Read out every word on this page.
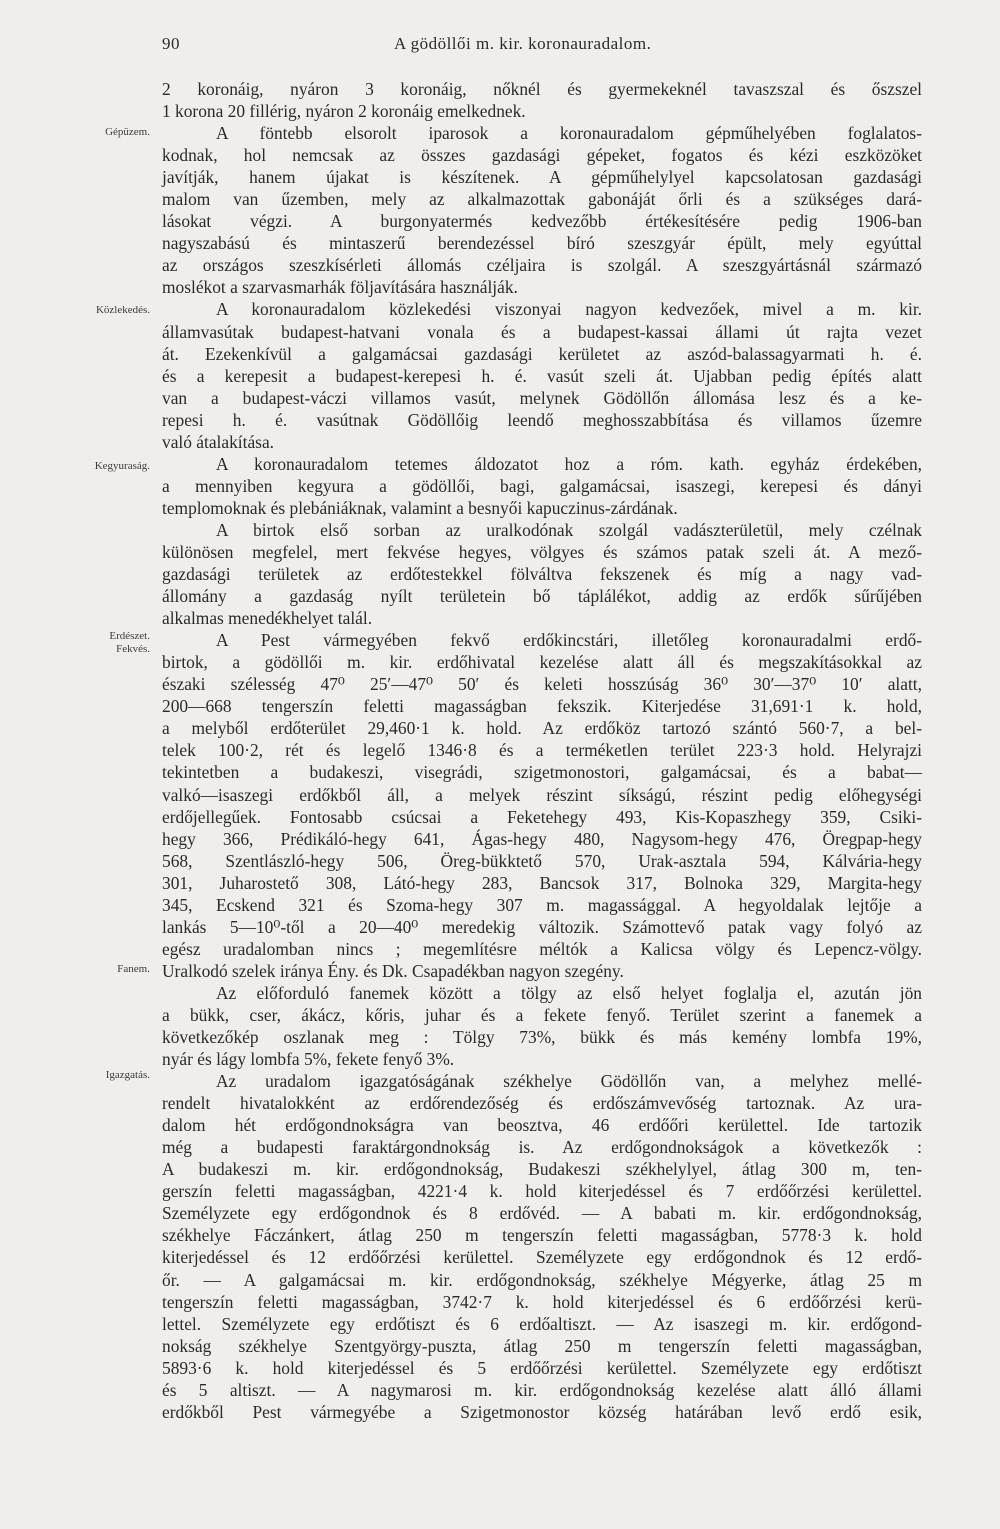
90	A gödöllői m. kir. koronauradalom.
Gépüzem.
Közlekedés.
Kegyuraság.
Erdészet.
Fekvés.
Fanem.
Igazgatás.
2 koronáig, nyáron 3 koronáig, nőknél és gyermekeknél tavaszszal és őszszel
1 korona 20 fillérig, nyáron 2 koronáig emelkednek.
A föntebb elsorolt iparosok a koronauradalom gépműhelyében foglalatos-
kodnak, hol nemcsak az összes gazdasági gépeket, fogatos és kézi eszközöket
javítják, hanem újakat is készítenek. A gépműhelylyel kapcsolatosan gazdasági
malom van űzemben, mely az alkalmazottak gabonáját őrli és a szükséges dará-
lásokat végzi. A burgonyatermés kedvezőbb értékesítésére pedig 1906-ban
nagyszabású és mintaszerű berendezéssel bíró szeszgyár épült, mely egyúttal
az országos szeszkísérleti állomás czéljaira is szolgál. A szeszgyártásnál származó
moslékot a szarvasmarhák följavítására használják.
A koronauradalom közlekedési viszonyai nagyon kedvezőek, mivel a m. kir.
államvasútak budapest-hatvani vonala és a budapest-kassai állami út rajta vezet
át. Ezekenkívül a galgamácsai gazdasági kerületet az aszód-balassagyarmati h. é.
és a kerepesit a budapest-kerepesi h. é. vasút szeli át. Ujabban pedig építés alatt
van a budapest-váczi villamos vasút, melynek Gödöllőn állomása lesz és a ke-
repesi h. é. vasútnak Gödöllőig leendő meghosszabbítása és villamos űzemre
való átalakítása.
A koronauradalom tetemes áldozatot hoz a róm. kath. egyház érdekében,
a mennyiben kegyura a gödöllői, bagi, galgamácsai, isaszegi, kerepesi és dányi
templomoknak és plebániáknak, valamint a besnyői kapuczinus-zárdának.
A birtok első sorban az uralkodónak szolgál vadászterületül, mely czélnak
különösen megfelel, mert fekvése hegyes, völgyes és számos patak szeli át. A mező-
gazdasági területek az erdőtestekkel fölváltva fekszenek és míg a nagy vad-
állomány a gazdaság nyílt területein bő táplálékot, addig az erdők sűrűjében
alkalmas menedékhelyet talál.
A Pest vármegyében fekvő erdőkincstári, illetőleg koronauradalmi erdő-
birtok, a gödöllői m. kir. erdőhivatal kezelése alatt áll és megszakításokkal az
északi szélesség 47⁰ 25′—47⁰ 50′ és keleti hosszúság 36⁰ 30′—37⁰ 10′ alatt,
200—668 tengerszín feletti magasságban fekszik. Kiterjedése 31,691·1 k. hold,
a melyből erdőterület 29,460·1 k. hold. Az erdőköz tartozó szántó 560·7, a bel-
telek 100·2, rét és legelő 1346·8 és a terméketlen terület 223·3 hold. Helyrajzi
tekintetben a budakeszi, visegrádi, szigetmonostori, galgamácsai, és a babat—
valkó—isaszegi erdőkből áll, a melyek részint síkságú, részint pedig előhegységi
erdőjellegűek. Fontosabb csúcsai a Feketehegy 493, Kis-Kopaszhegy 359, Csiki-
hegy 366, Prédikáló-hegy 641, Ágas-hegy 480, Nagysom-hegy 476, Öregpap-hegy
568, Szentlászló-hegy 506, Öreg-bükktető 570, Urak-asztala 594, Kálvária-hegy
301, Juharostető 308, Látó-hegy 283, Bancsok 317, Bolnoka 329, Margita-hegy
345, Ecskend 321 és Szoma-hegy 307 m. magassággal. A hegyoldalak lejtője a
lankás 5—10⁰-től a 20—40⁰ meredekig változik. Számottevő patak vagy folyó az
egész uradalomban nincs ; megemlítésre méltók a Kalicsa völgy és Lepencz-völgy.
Uralkodó szelek iránya Ény. és Dk. Csapadékban nagyon szegény.
Az előforduló fanemek között a tölgy az első helyet foglalja el, azután jön
a bükk, cser, ákácz, kőris, juhar és a fekete fenyő. Terület szerint a fanemek a
következőkép oszlanak meg : Tölgy 73%, bükk és más kemény lombfa 19%,
nyár és lágy lombfa 5%, fekete fenyő 3%.
Az uradalom igazgatóságának székhelye Gödöllőn van, a melyhez mellé-
rendelt hivatalokként az erdőrendezőség és erdőszámvevőség tartoznak. Az ura-
dalom hét erdőgondnokságra van beosztva, 46 erdőőri kerülettel. Ide tartozik
még a budapesti faraktárgondnokság is. Az erdőgondnokságok a következők :
A budakeszi m. kir. erdőgondnokság, Budakeszi székhelylyel, átlag 300 m, ten-
gerszín feletti magasságban, 4221·4 k. hold kiterjedéssel és 7 erdőőrzési kerülettel.
Személyzete egy erdőgondnok és 8 erdővéd. — A babati m. kir. erdőgondnokság,
székhelye Fáczánkert, átlag 250 m tengerszín feletti magasságban, 5778·3 k. hold
kiterjedéssel és 12 erdőőrzési kerülettel. Személyzete egy erdőgondnok és 12 erdő-
őr. — A galgamácsai m. kir. erdőgondnokság, székhelye Mégyerke, átlag 25 m
tengerszín feletti magasságban, 3742·7 k. hold kiterjedéssel és 6 erdőőrzési kerü-
lettel. Személyzete egy erdőtiszt és 6 erdőaltiszt. — Az isaszegi m. kir. erdőgond-
nokság székhelye Szentgyörgy-puszta, átlag 250 m tengerszín feletti magasságban,
5893·6 k. hold kiterjedéssel és 5 erdőőrzési kerülettel. Személyzete egy erdőtiszt
és 5 altiszt. — A nagymarosi m. kir. erdőgondnokság kezelése alatt álló állami
erdőkből Pest vármegyébe a Szigetmonostor község határában levő erdő esik,
